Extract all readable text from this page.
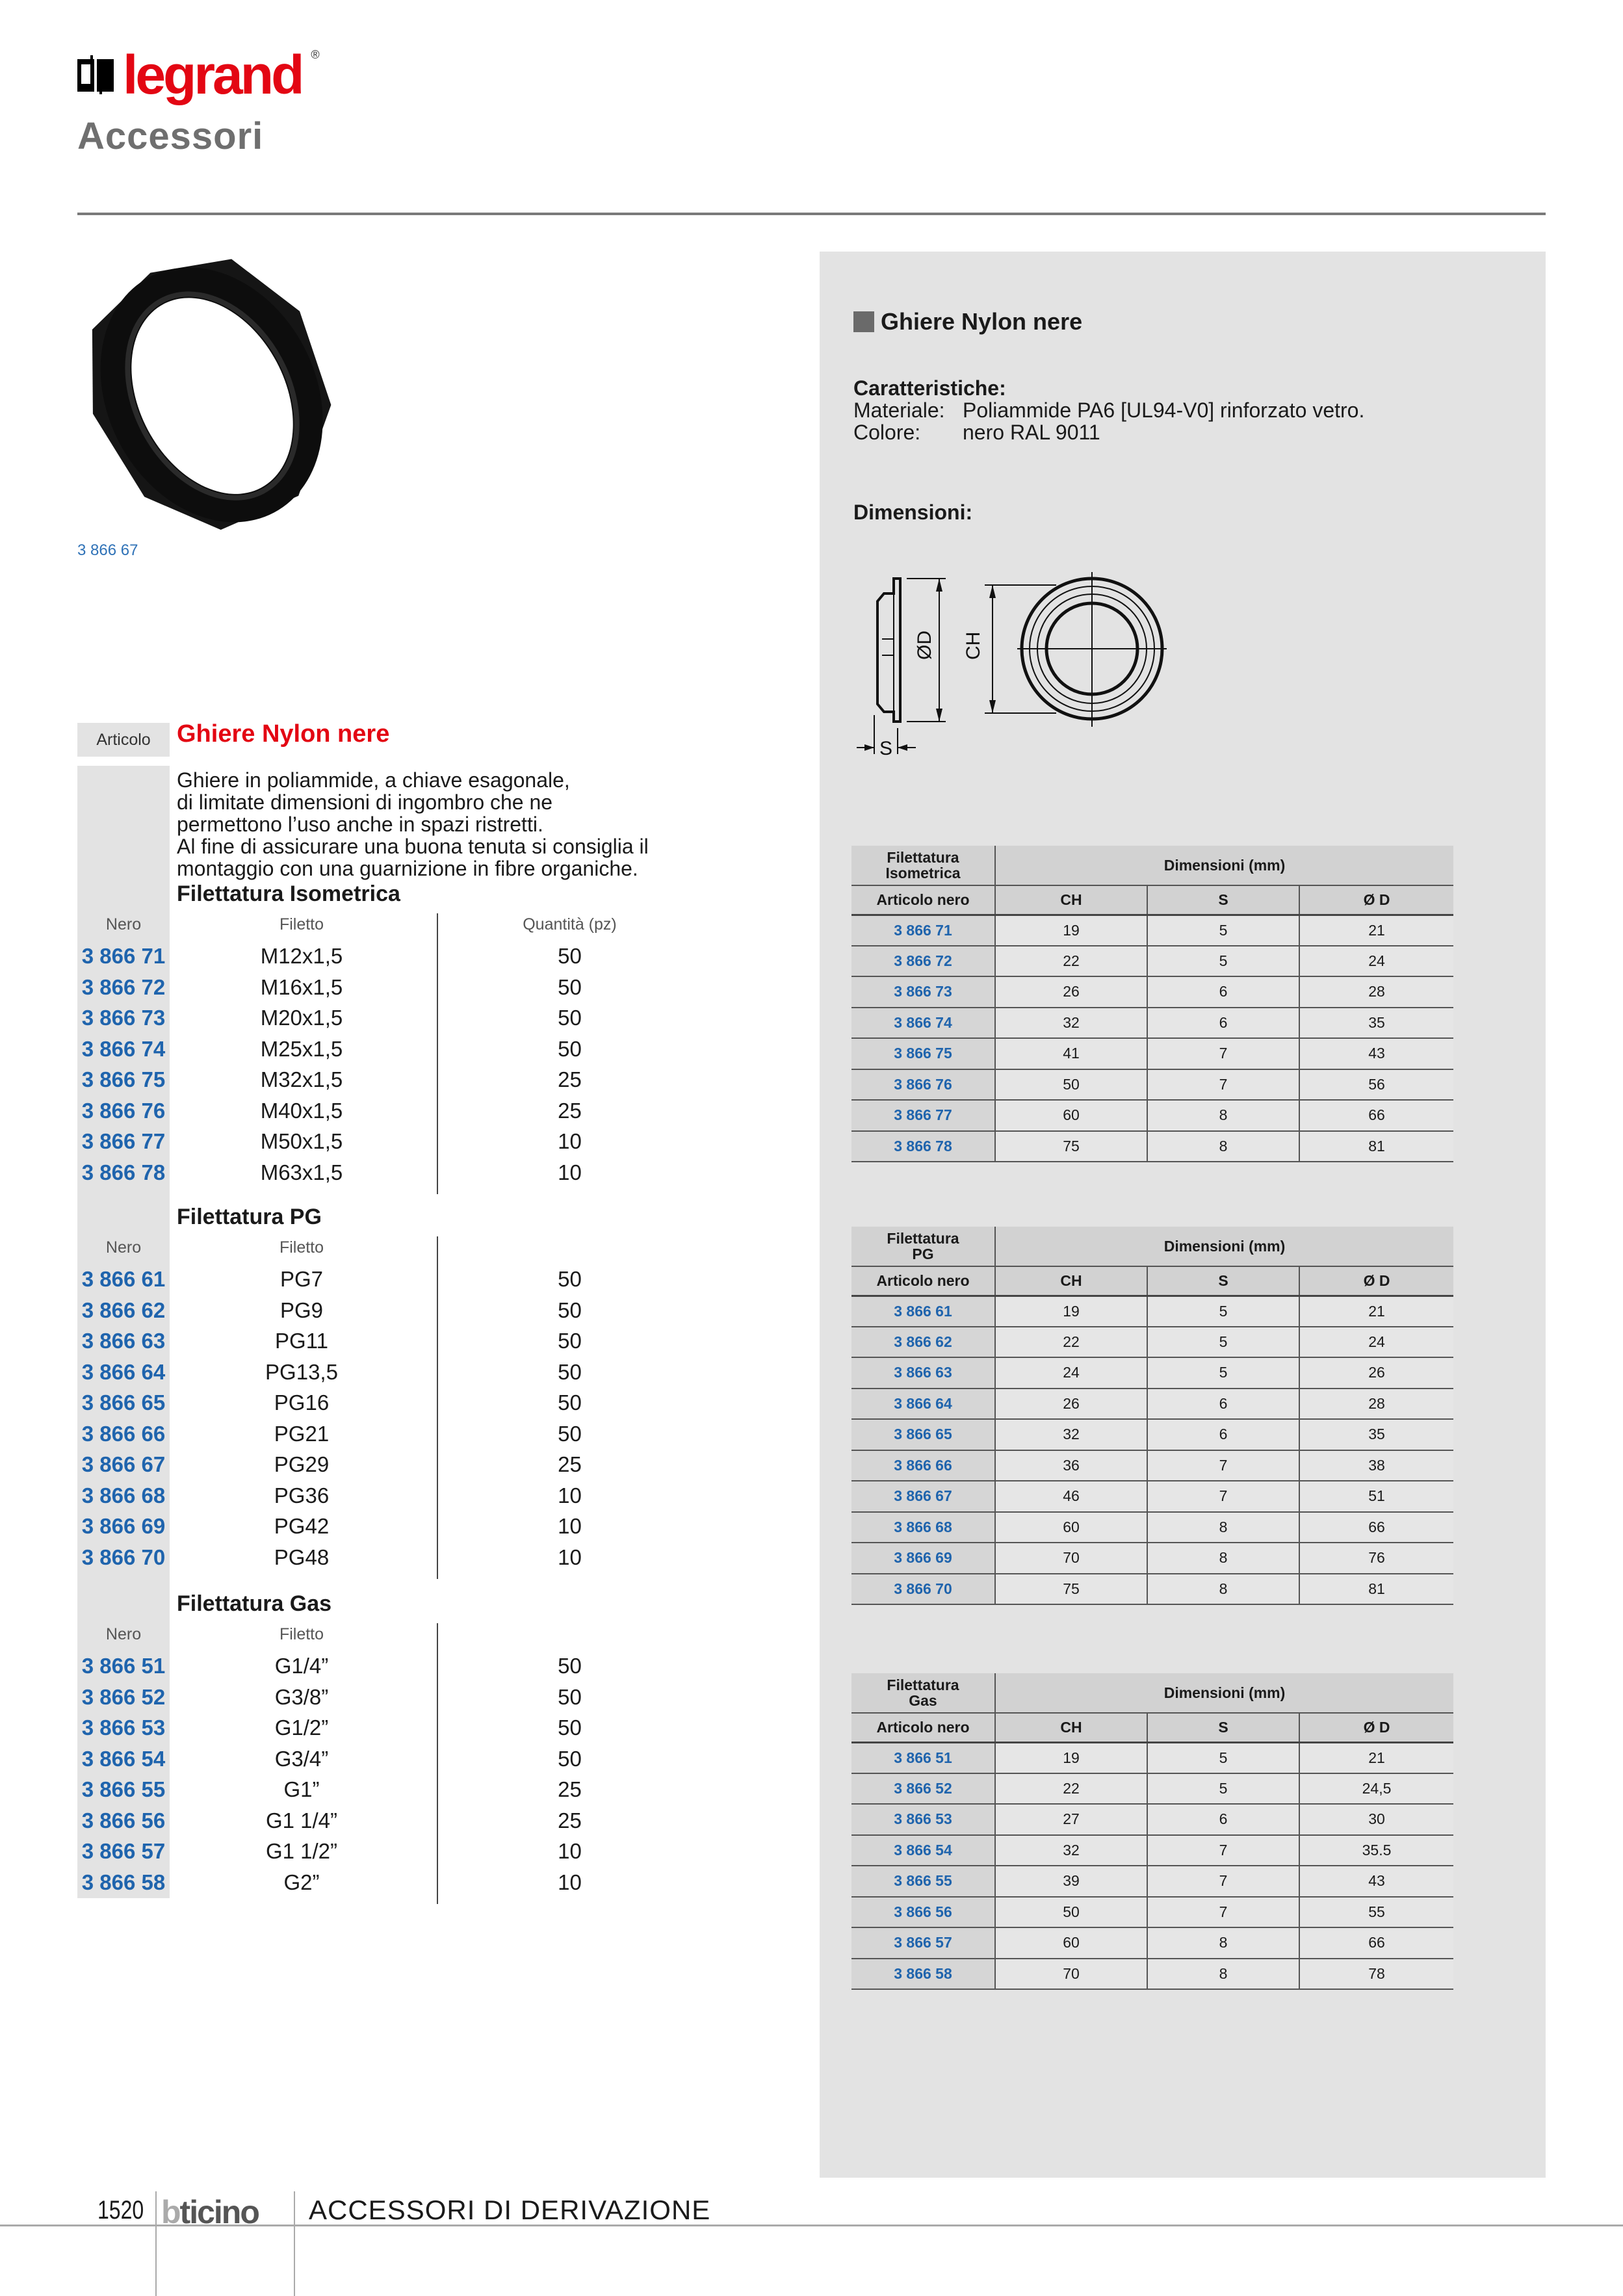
legrand ®
Accessori
3 866 67
Ghiere Nylon nere
Caratteristiche:
Materiale: Poliammide PA6 [UL94-V0] rinforzato vetro.
Colore:	nero RAL 9011
Dimensioni:
ØD CH
S
Filettatura
Isometrica	Dimensioni (mm)		
Articolo nero	CH	S	Ø D
3 866 71	19	5	21
3 866 72	22	5	24
3 866 73	26	6	28
3 866 74	32	6	35
3 866 75	41	7	43
3 866 76	50	7	56
3 866 77	60	8	66
3 866 78	75	8	81
Filettatura
PG	Dimensioni (mm)		
Articolo nero	CH	S	Ø D
3 866 61	19	5	21
3 866 62	22	5	24
3 866 63	24	5	26
3 866 64	26	6	28
3 866 65	32	6	35
3 866 66	36	7	38
3 866 67	46	7	51
3 866 68	60	8	66
3 866 69	70	8	76
3 866 70	75	8	81
Filettatura
Gas	Dimensioni (mm)		
Articolo nero	CH	S	Ø D
3 866 51	19	5	21
3 866 52	22	5	24,5
3 866 53	27	6	30
3 866 54	32	7	35.5
3 866 55	39	7	43
3 866 56	50	7	55
3 866 57	60	8	66
3 866 58	70	8	78
Articolo	Ghiere Nylon nere
Ghiere in poliammide, a chiave esagonale,
di limitate dimensioni di ingombro che ne
permettono l’uso anche in spazi ristretti.
Al fine di assicurare una buona tenuta si consiglia il
montaggio con una guarnizione in fibre organiche.
Filettatura Isometrica
Nero	Filetto	Quantità (pz)
3 866 71	M12x1,5	50
3 866 72	M16x1,5	50
3 866 73	M20x1,5	50
3 866 74	M25x1,5	50
3 866 75	M32x1,5	25
3 866 76	M40x1,5	25
3 866 77	M50x1,5	10
3 866 78	M63x1,5	10
Filettatura PG
Nero	Filetto
3 866 61	PG7	50
3 866 62	PG9	50
3 866 63	PG11	50
3 866 64	PG13,5	50
3 866 65	PG16	50
3 866 66	PG21	50
3 866 67	PG29	25
3 866 68	PG36	10
3 866 69	PG42	10
3 866 70	PG48	10
Filettatura Gas
Nero	Filetto
3 866 51	G1/4”	50
3 866 52	G3/8”	50
3 866 53	G1/2”	50
3 866 54	G3/4”	50
3 866 55	G1”	25
3 866 56	G1 1/4”	25
3 866 57	G1 1/2”	10
3 866 58	G2”	10
1520 bticino ACCESSORI DI DERIVAZIONE
